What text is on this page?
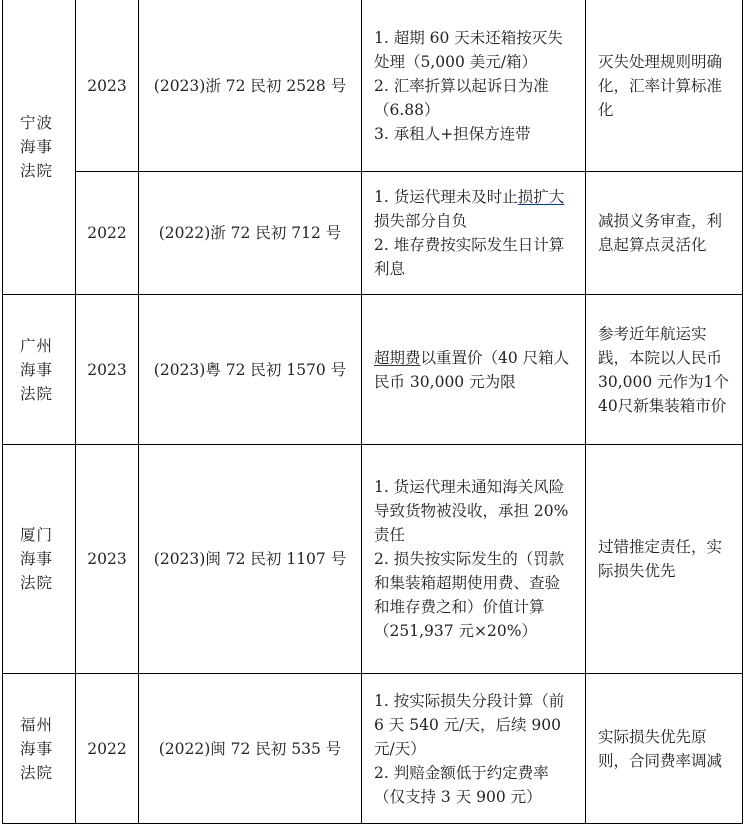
宁波海事法院	2023	(2023)浙 72 民初 2528 号	1. 超期 60 天未还箱按灭失处理（5,000 美元/箱）
2. 汇率折算以起诉日为准（6.88）
3. 承租人+担保方连带	灭失处理规则明确化，汇率计算标准化
	2022	(2022)浙 72 民初 712 号	1. 货运代理未及时止损扩大损失部分自负
2. 堆存费按实际发生日计算利息	减损义务审查，利息起算点灵活化

广州海事法院	2023	(2023)粤 72 民初 1570 号	超期费以重置价（40 尺箱人民币 30,000 元为限	参考近年航运实践，本院以人民币 30,000 元作为1个40尺新集装箱市价

厦门海事法院	2023	(2023)闽 72 民初 1107 号	1. 货运代理未通知海关风险导致货物被没收，承担 20%责任
2. 损失按实际发生的（罚款和集装箱超期使用费、查验和堆存费之和）价值计算（251,937 元×20%）	过错推定责任，实际损失优先

福州海事法院	2022	(2022)闽 72 民初 535 号	1. 按实际损失分段计算（前 6 天 540 元/天，后续 900 元/天）
2. 判赔金额低于约定费率（仅支持 3 天 900 元）	实际损失优先原则，合同费率调减
